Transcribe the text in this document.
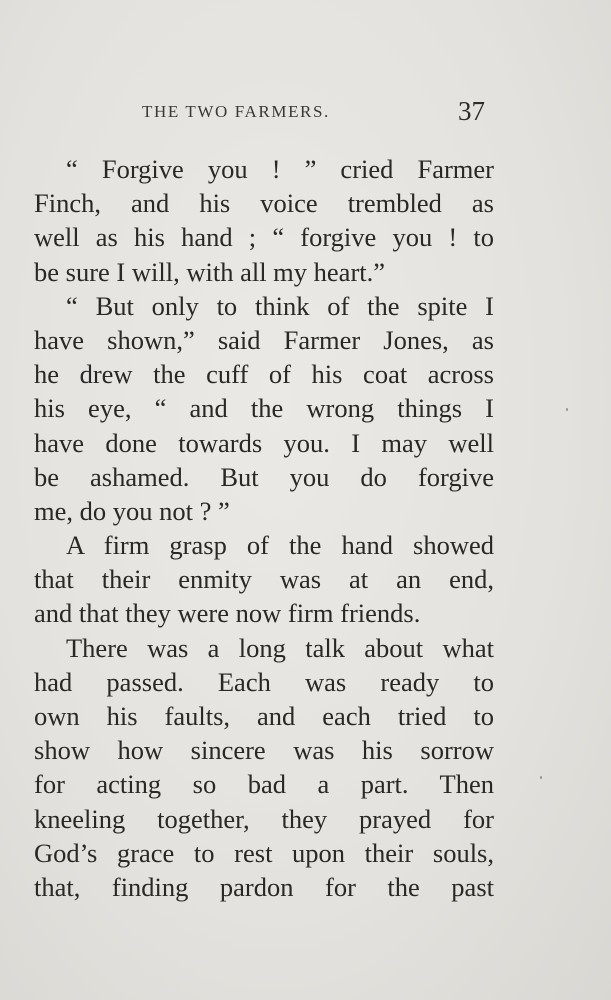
THE TWO FARMERS.	37
“ Forgive you ! ” cried Farmer
Finch, and his voice trembled as
well as his hand ; “ forgive you ! to
be sure I will, with all my heart.”
“ But only to think of the spite I
have shown,” said Farmer Jones, as
he drew the cuff of his coat across
his eye, “ and the wrong things I
have done towards you. I may well
be ashamed. But you do forgive
me, do you not ? ”
A firm grasp of the hand showed
that their enmity was at an end,
and that they were now firm friends.
There was a long talk about what
had passed. Each was ready to
own his faults, and each tried to
show how sincere was his sorrow
for acting so bad a part. Then
kneeling together, they prayed for
God’s grace to rest upon their souls,
that, finding pardon for the past
